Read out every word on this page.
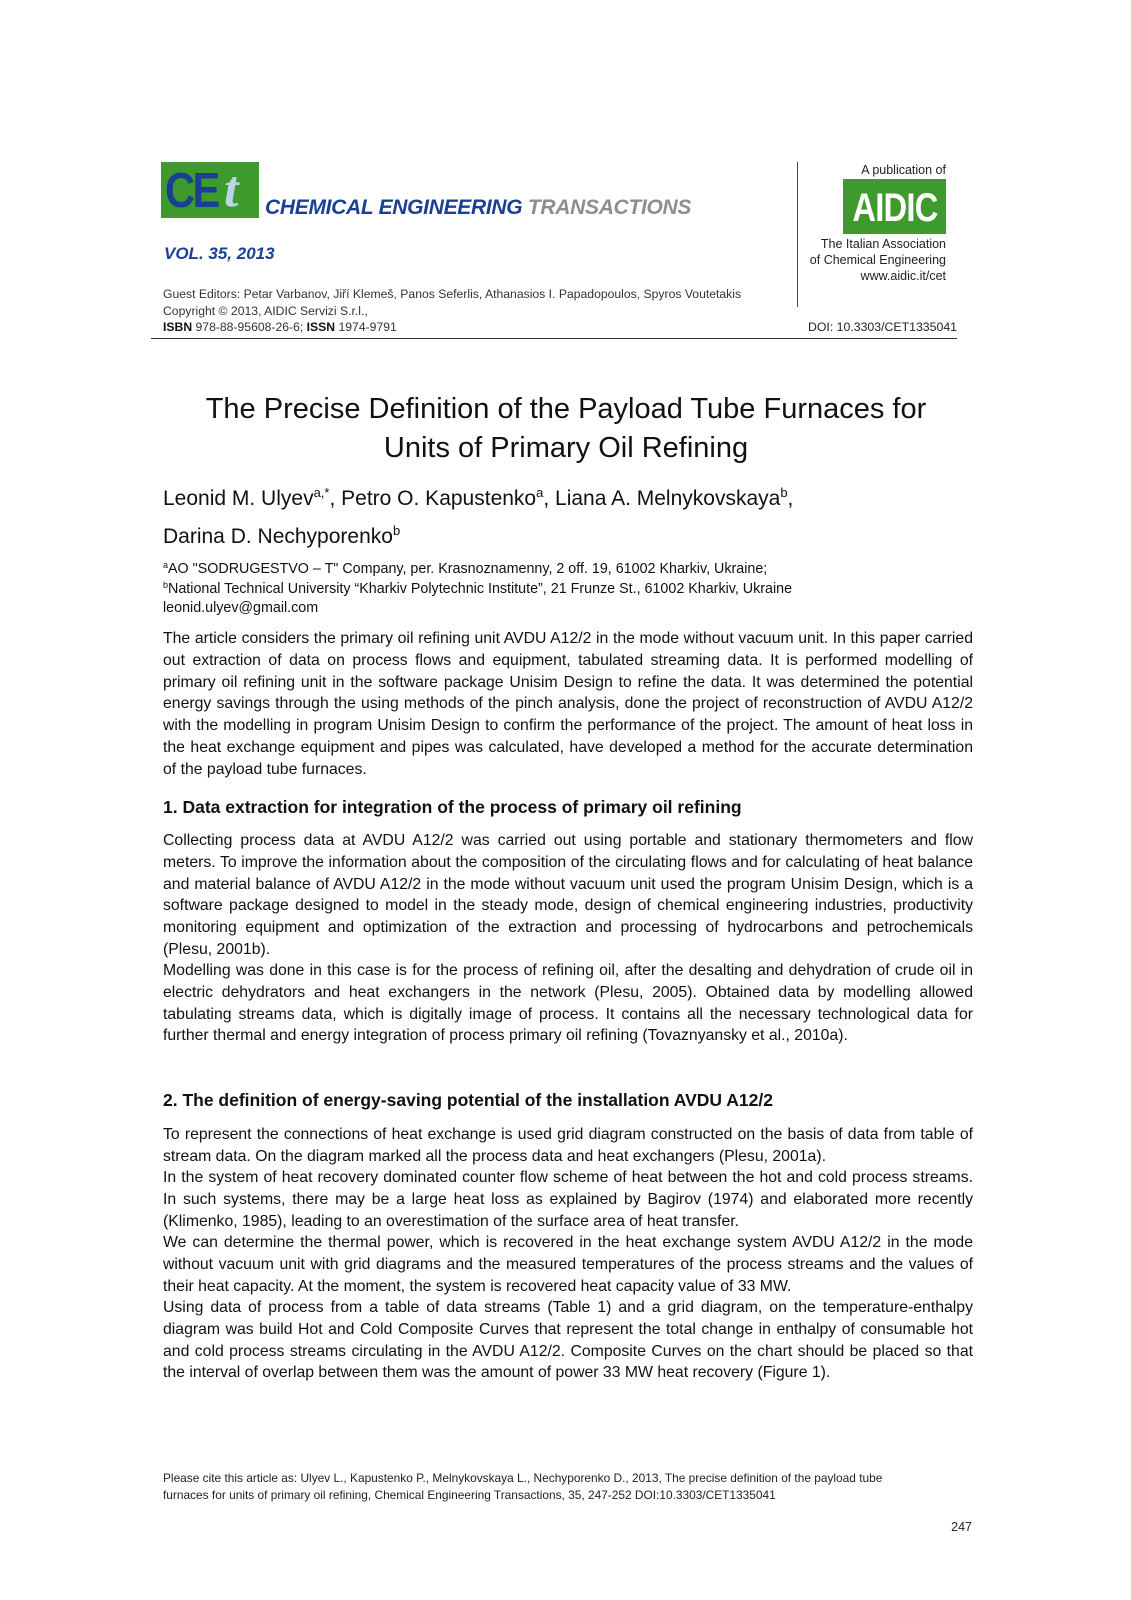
CE t CHEMICAL ENGINEERING TRANSACTIONS
VOL. 35, 2013
Guest Editors: Petar Varbanov, Jiří Klemeš, Panos Seferlis, Athanasios I. Papadopoulos, Spyros Voutetakis
Copyright © 2013, AIDIC Servizi S.r.l.,
ISBN 978-88-95608-26-6; ISSN 1974-9791
A publication of
AIDIC
The Italian Association
of Chemical Engineering
www.aidic.it/cet
DOI: 10.3303/CET1335041
The Precise Definition of the Payload Tube Furnaces for
Units of Primary Oil Refining
Leonid M. Ulyev$^{a,*}$, Petro O. Kapustenko$^a$, Liana A. Melnykovskaya$^b$,
Darina D. Nechyporenko$^b$
$^a$AO "SODRUGESTVO – T" Company, per. Krasnoznamenny, 2 off. 19, 61002 Kharkiv, Ukraine;
$^b$National Technical University “Kharkiv Polytechnic Institute”, 21 Frunze St., 61002 Kharkiv, Ukraine
leonid.ulyev@gmail.com
The article considers the primary oil refining unit AVDU A12/2 in the mode without vacuum unit. In this paper carried out extraction of data on process flows and equipment, tabulated streaming data. It is performed modelling of primary oil refining unit in the software package Unisim Design to refine the data. It was determined the potential energy savings through the using methods of the pinch analysis, done the project of reconstruction of AVDU A12/2 with the modelling in program Unisim Design to confirm the performance of the project. The amount of heat loss in the heat exchange equipment and pipes was calculated, have developed a method for the accurate determination of the payload tube furnaces.
1. Data extraction for integration of the process of primary oil refining
Collecting process data at AVDU A12/2 was carried out using portable and stationary thermometers and flow meters. To improve the information about the composition of the circulating flows and for calculating of heat balance and material balance of AVDU A12/2 in the mode without vacuum unit used the program Unisim Design, which is a software package designed to model in the steady mode, design of chemical engineering industries, productivity monitoring equipment and optimization of the extraction and processing of hydrocarbons and petrochemicals (Plesu, 2001b).
Modelling was done in this case is for the process of refining oil, after the desalting and dehydration of crude oil in electric dehydrators and heat exchangers in the network (Plesu, 2005). Obtained data by modelling allowed tabulating streams data, which is digitally image of process. It contains all the necessary technological data for further thermal and energy integration of process primary oil refining (Tovaznyansky et al., 2010a).
2. The definition of energy-saving potential of the installation AVDU A12/2
To represent the connections of heat exchange is used grid diagram constructed on the basis of data from table of stream data. On the diagram marked all the process data and heat exchangers (Plesu, 2001a).
In the system of heat recovery dominated counter flow scheme of heat between the hot and cold process streams. In such systems, there may be a large heat loss as explained by Bagirov (1974) and elaborated more recently (Klimenko, 1985), leading to an overestimation of the surface area of heat transfer.
We can determine the thermal power, which is recovered in the heat exchange system AVDU A12/2 in the mode without vacuum unit with grid diagrams and the measured temperatures of the process streams and the values of their heat capacity. At the moment, the system is recovered heat capacity value of 33 MW.
Using data of process from a table of data streams (Table 1) and a grid diagram, on the temperature-enthalpy diagram was build Hot and Cold Composite Curves that represent the total change in enthalpy of consumable hot and cold process streams circulating in the AVDU A12/2. Composite Curves on the chart should be placed so that the interval of overlap between them was the amount of power 33 MW heat recovery (Figure 1).
Please cite this article as: Ulyev L., Kapustenko P., Melnykovskaya L., Nechyporenko D., 2013, The precise definition of the payload tube
furnaces for units of primary oil refining, Chemical Engineering Transactions, 35, 247-252 DOI:10.3303/CET1335041
247
